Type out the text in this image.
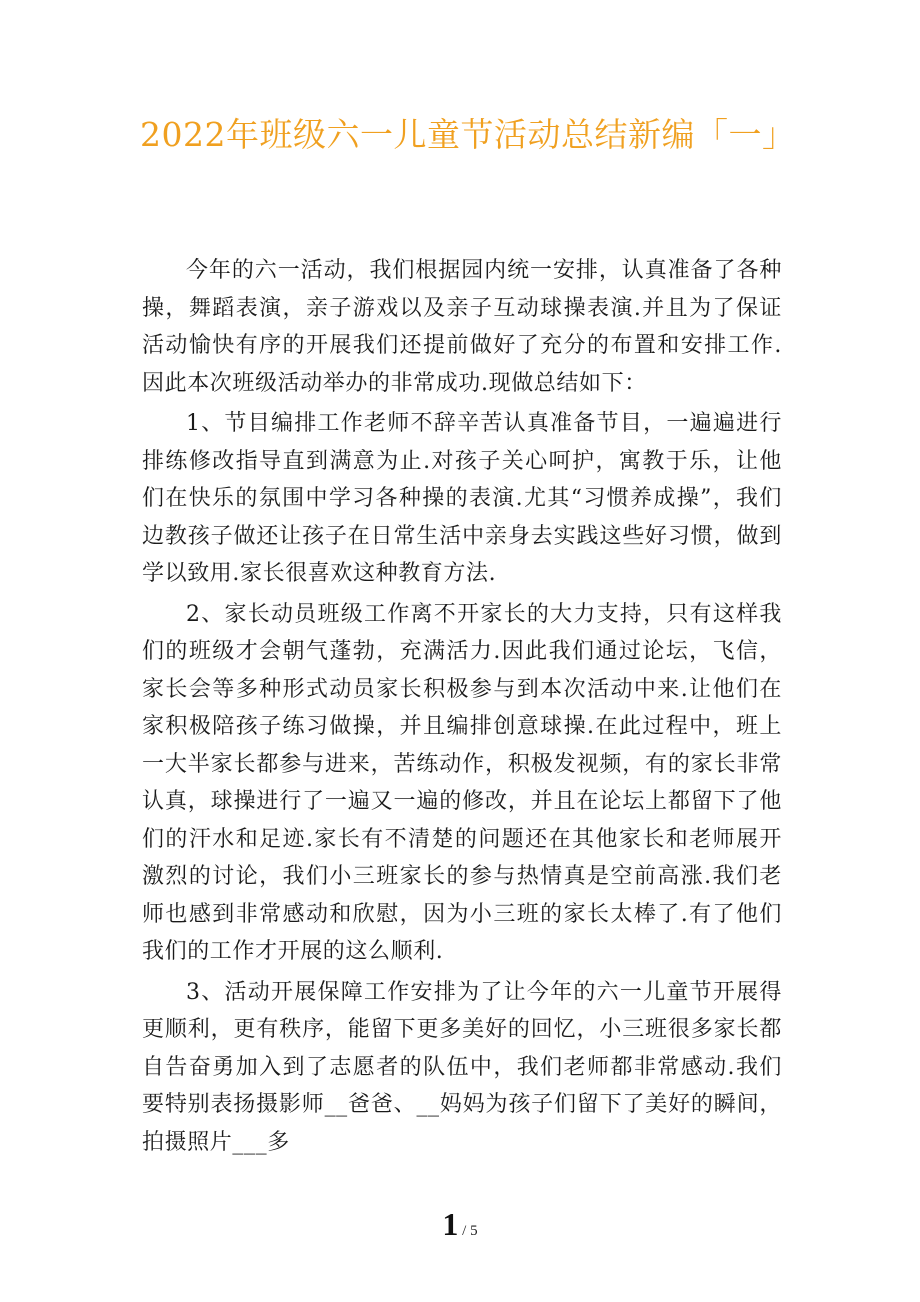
2022年班级六一儿童节活动总结新编「一」

今年的六一活动，我们根据园内统一安排，认真准备了各种操，舞蹈表演，亲子游戏以及亲子互动球操表演.并且为了保证活动愉快有序的开展我们还提前做好了充分的布置和安排工作.因此本次班级活动举办的非常成功.现做总结如下：

1、节目编排工作老师不辞辛苦认真准备节目，一遍遍进行排练修改指导直到满意为止.对孩子关心呵护，寓教于乐，让他们在快乐的氛围中学习各种操的表演.尤其“习惯养成操”，我们边教孩子做还让孩子在日常生活中亲身去实践这些好习惯，做到学以致用.家长很喜欢这种教育方法.

2、家长动员班级工作离不开家长的大力支持，只有这样我们的班级才会朝气蓬勃，充满活力.因此我们通过论坛，飞信，家长会等多种形式动员家长积极参与到本次活动中来.让他们在家积极陪孩子练习做操，并且编排创意球操.在此过程中，班上一大半家长都参与进来，苦练动作，积极发视频，有的家长非常认真，球操进行了一遍又一遍的修改，并且在论坛上都留下了他们的汗水和足迹.家长有不清楚的问题还在其他家长和老师展开激烈的讨论，我们小三班家长的参与热情真是空前高涨.我们老师也感到非常感动和欣慰，因为小三班的家长太棒了.有了他们我们的工作才开展的这么顺利.

3、活动开展保障工作安排为了让今年的六一儿童节开展得更顺利，更有秩序，能留下更多美好的回忆，小三班很多家长都自告奋勇加入到了志愿者的队伍中，我们老师都非常感动.我们要特别表扬摄影师__爸爸、__妈妈为孩子们留下了美好的瞬间，拍摄照片___多

1 / 5
